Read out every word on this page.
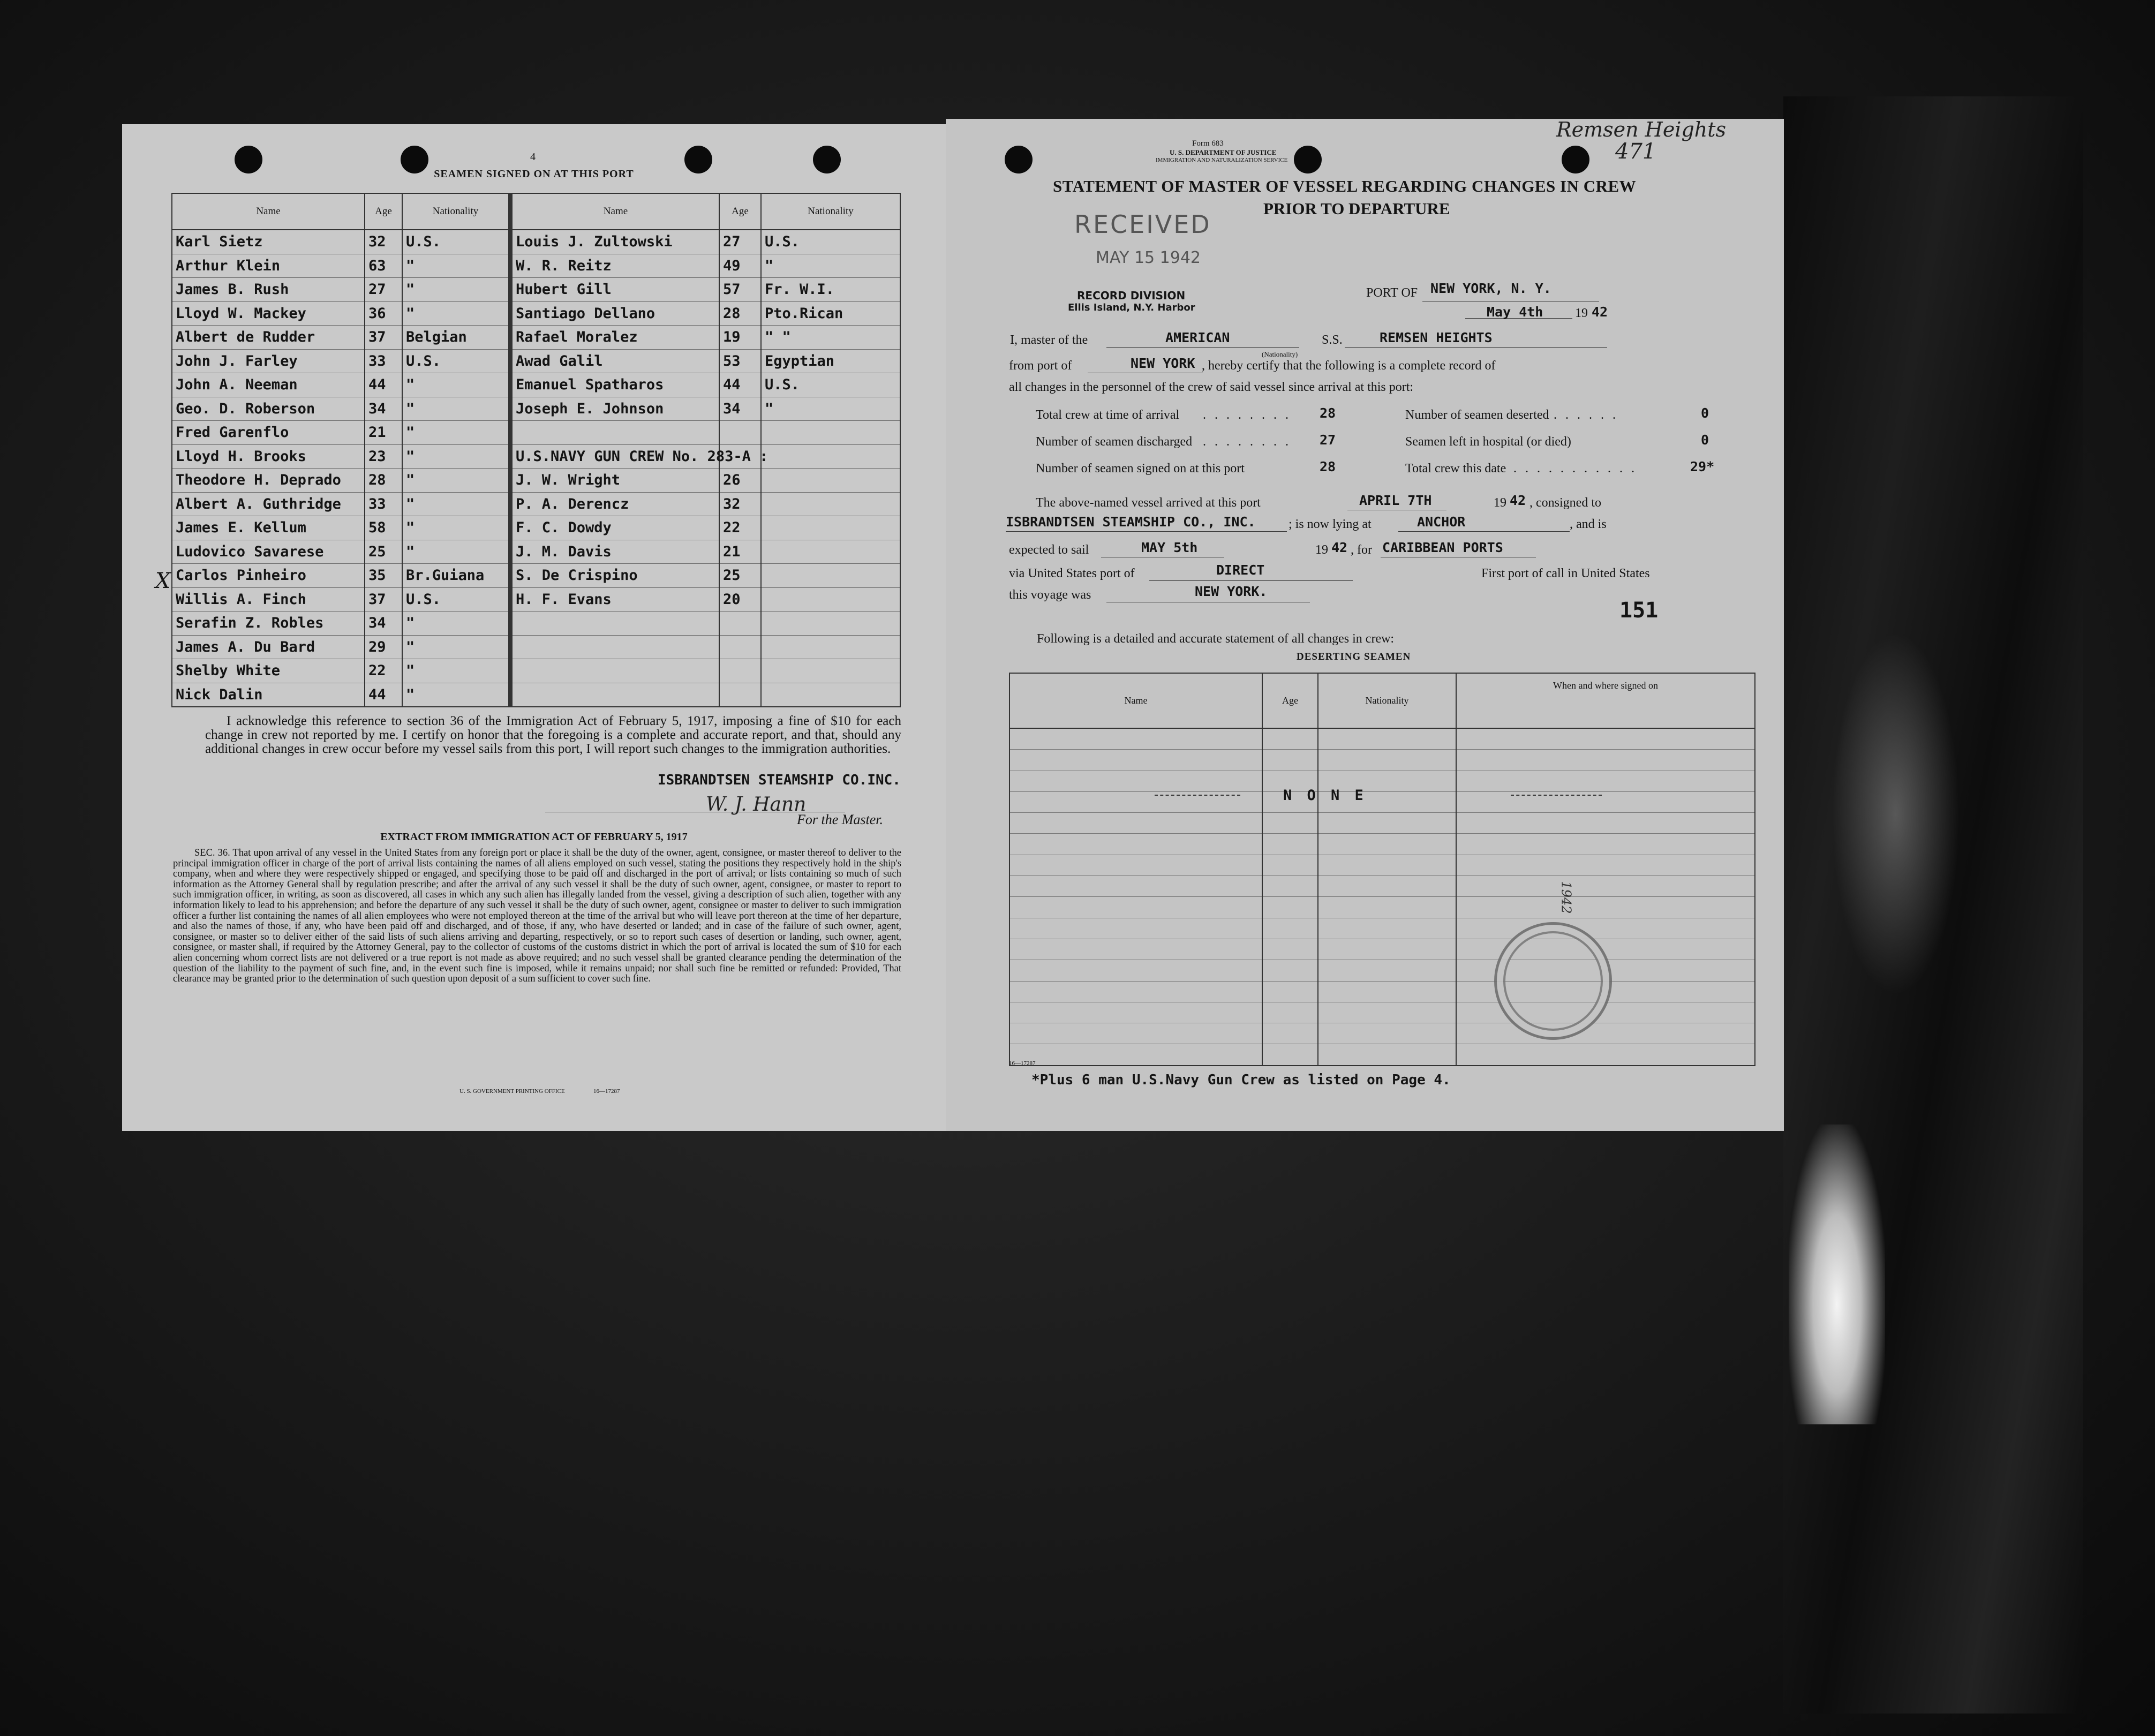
4
SEAMEN SIGNED ON AT THIS PORT
Name	Age	Nationality	Name	Age	Nationality
Karl Sietz	32	U.S.	Louis J. Zultowski	27	U.S.
Arthur Klein	63	"	W. R. Reitz	49	"
James B. Rush	27	"	Hubert Gill	57	Fr. W.I.
Lloyd W. Mackey	36	"	Santiago Dellano	28	Pto.Rican
Albert de Rudder	37	Belgian	Rafael Moralez	19	" "
John J. Farley	33	U.S.	Awad Galil	53	Egyptian
John A. Neeman	44	"	Emanuel Spatharos	44	U.S.
Geo. D. Roberson	34	"	Joseph E. Johnson	34	"
Fred Garenflo	21	"			
Lloyd H. Brooks	23	"	U.S.NAVY GUN CREW No. 283-A :		
Theodore H. Deprado	28	"	J. W. Wright	26	
Albert A. Guthridge	33	"	P. A. Derencz	32	
James E. Kellum	58	"	F. C. Dowdy	22	
Ludovico Savarese	25	"	J. M. Davis	21	
Carlos Pinheiro	35	Br.Guiana	S. De Crispino	25	
Willis A. Finch	37	U.S.	H. F. Evans	20	
Serafin Z. Robles	34	"			
James A. Du Bard	29	"			
Shelby White	22	"			
Nick Dalin	44	"			
X
I acknowledge this reference to section 36 of the Immigration Act of February 5, 1917, imposing a fine of $10 for each change in crew not reported by me. I certify on honor that the foregoing is a complete and accurate report, and that, should any additional changes in crew occur before my vessel sails from this port, I will report such changes to the immigration authorities.
ISBRANDTSEN STEAMSHIP CO.INC.
W. J. Hann
For the Master.
EXTRACT FROM IMMIGRATION ACT OF FEBRUARY 5, 1917
SEC. 36. That upon arrival of any vessel in the United States from any foreign port or place it shall be the duty of the owner, agent, consignee, or master thereof to deliver to the principal immigration officer in charge of the port of arrival lists containing the names of all aliens employed on such vessel, stating the positions they respectively hold in the ship's company, when and where they were respectively shipped or engaged, and specifying those to be paid off and discharged in the port of arrival; or lists containing so much of such information as the Attorney General shall by regulation prescribe; and after the arrival of any such vessel it shall be the duty of such owner, agent, consignee, or master to report to such immigration officer, in writing, as soon as discovered, all cases in which any such alien has illegally landed from the vessel, giving a description of such alien, together with any information likely to lead to his apprehension; and before the departure of any such vessel it shall be the duty of such owner, agent, consignee or master to deliver to such immigration officer a further list containing the names of all alien employees who were not employed thereon at the time of the arrival but who will leave port thereon at the time of her departure, and also the names of those, if any, who have been paid off and discharged, and of those, if any, who have deserted or landed; and in case of the failure of such owner, agent, consignee, or master so to deliver either of the said lists of such aliens arriving and departing, respectively, or so to report such cases of desertion or landing, such owner, agent, consignee, or master shall, if required by the Attorney General, pay to the collector of customs of the customs district in which the port of arrival is located the sum of $10 for each alien concerning whom correct lists are not delivered or a true report is not made as above required; and no such vessel shall be granted clearance pending the determination of the question of the liability to the payment of such fine, and, in the event such fine is imposed, while it remains unpaid; nor shall such fine be remitted or refunded: Provided, That clearance may be granted prior to the determination of such question upon deposit of a sum sufficient to cover such fine.
U. S. GOVERNMENT PRINTING OFFICE	16—17287
Form 683
U. S. DEPARTMENT OF JUSTICE
IMMIGRATION AND NATURALIZATION SERVICE
Remsen Heights
471
STATEMENT OF MASTER OF VESSEL REGARDING CHANGES IN CREW
PRIOR TO DEPARTURE
RECEIVED
MAY 15 1942
RECORD DIVISION
Ellis Island, N.Y. Harbor
PORT OF NEW YORK, N. Y.
May 4th 19 42
I, master of the	AMERICAN
(Nationality)
S.S.	REMSEN HEIGHTS
from port of	NEW YORK , hereby certify that the following is a complete record of
all changes in the personnel of the crew of said vessel since arrival at this port:
Total crew at time of arrival . . . . . . . . 28	Number of seamen deserted . . . . . .	0
Number of seamen discharged . . . . . . . . 27	Seamen left in hospital (or died)	0
Number of seamen signed on at this port	28	Total crew this date . . . . . . . . . . .	29*
The above-named vessel arrived at this port	APRIL 7TH	19 42 , consigned to
ISBRANDTSEN STEAMSHIP CO., INC.	; is now lying at	ANCHOR	, and is
expected to sail	MAY 5th	19 42 , for CARIBBEAN PORTS
via United States port of	DIRECT	First port of call in United States
this voyage was	NEW YORK.
151
Following is a detailed and accurate statement of all changes in crew:
DESERTING SEAMEN
Name	Age	Nationality	When and where signed on

N O N E
1942
16—17287
*Plus 6 man U.S.Navy Gun Crew as listed on Page 4.
